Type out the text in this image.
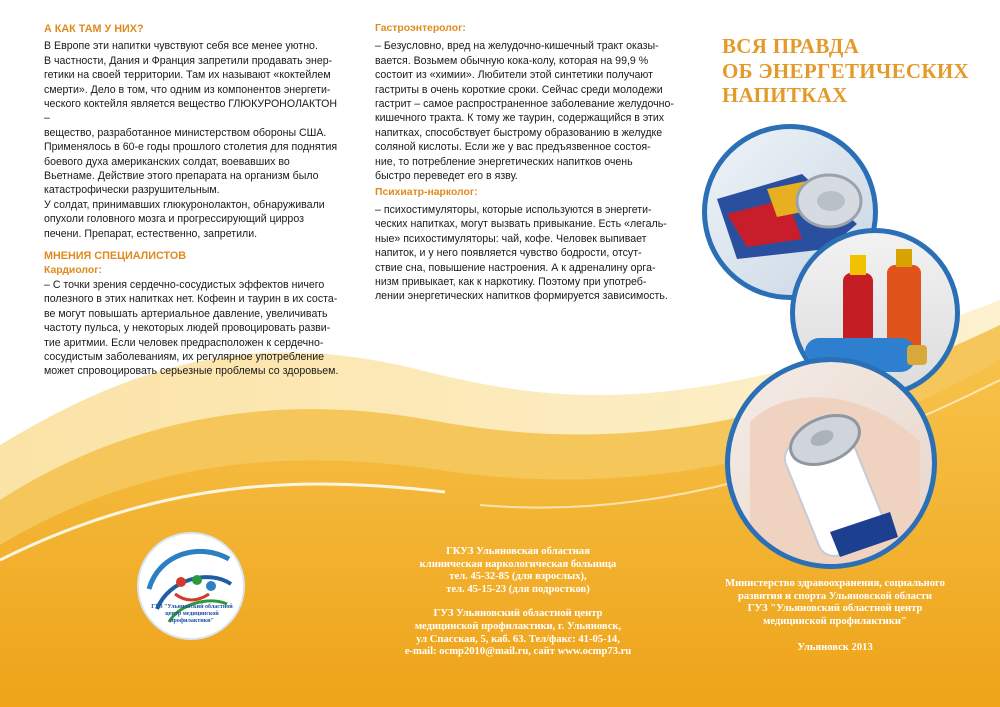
А КАК ТАМ У НИХ?

В Европе эти напитки чувствуют себя все менее уютно.

В частности, Дания и Франция запретили продавать энер-

гетики на своей территории. Там их называют «коктейлем

смерти». Дело в том, что одним из компонентов энергети-

ческого коктейля является вещество ГЛЮКУРОНОЛАКТОН –

вещество, разработанное министерством обороны США.

Применялось в 60-е годы прошлого столетия для поднятия

боевого духа американских солдат, воевавших во

Вьетнаме. Действие этого препарата на организм было

катастрофически разрушительным.

У солдат, принимавших глюкуронолактон, обнаруживали

опухоли головного мозга и прогрессирующий цирроз

печени. Препарат, естественно, запретили.

МНЕНИЯ СПЕЦИАЛИСТОВ

Кардиолог:

– С точки зрения сердечно-сосудистых эффектов ничего

полезного в этих напитках нет. Кофеин и таурин в их соста-

ве могут повышать артериальное давление, увеличивать

частоту пульса, у некоторых людей провоцировать разви-

тие аритмии. Если человек предрасположен к сердечно-

сосудистым заболеваниям, их регулярное употребление

может спровоцировать серьезные проблемы со здоровьем.

Гастроэнтеролог:

– Безусловно, вред на желудочно-кишечный тракт оказы-

вается. Возьмем обычную кока-колу, которая на 99,9 %

состоит из «химии». Любители этой синтетики получают

гастриты в очень короткие сроки. Сейчас среди молодежи

гастрит – самое распространенное заболевание желудочно-

кишечного тракта. К тому же таурин, содержащийся в этих

напитках, способствует быстрому образованию в желудке

соляной кислоты. Если же у вас предъязвенное состоя-

ние, то потребление энергетических напитков очень

быстро переведет его в язву.

Психиатр-нарколог:

– психостимуляторы, которые используются в энергети-

ческих напитках, могут вызвать привыкание. Есть «легаль-

ные» психостимуляторы: чай, кофе. Человек выпивает

напиток, и у него появляется чувство бодрости, отсут-

ствие сна, повышение настроения. А к адреналину орга-

низм привыкает, как к наркотику. Поэтому при употреб-

лении энергетических напитков формируется зависимость.

ВСЯ ПРАВДА
ОБ ЭНЕРГЕТИЧЕСКИХ
НАПИТКАХ
ГУЗ "Ульяновский областной
центр медицинской
профилактики"
ГКУЗ Ульяновская областная
клиническая наркологическая больница
тел. 45-32-85 (для взрослых),
тел. 45-15-23 (для подростков)
ГУЗ Ульяновский областной центр
медицинской профилактики, г. Ульяновск,
ул Спасская, 5, каб. 63. Тел/факс: 41-05-14,
e-mail: ocmp2010@mail.ru, сайт www.ocmp73.ru
Министерство здравоохранения, социального
развития и спорта Ульяновской области
ГУЗ "Ульяновский областной центр
медицинской профилактики"
Ульяновск 2013
